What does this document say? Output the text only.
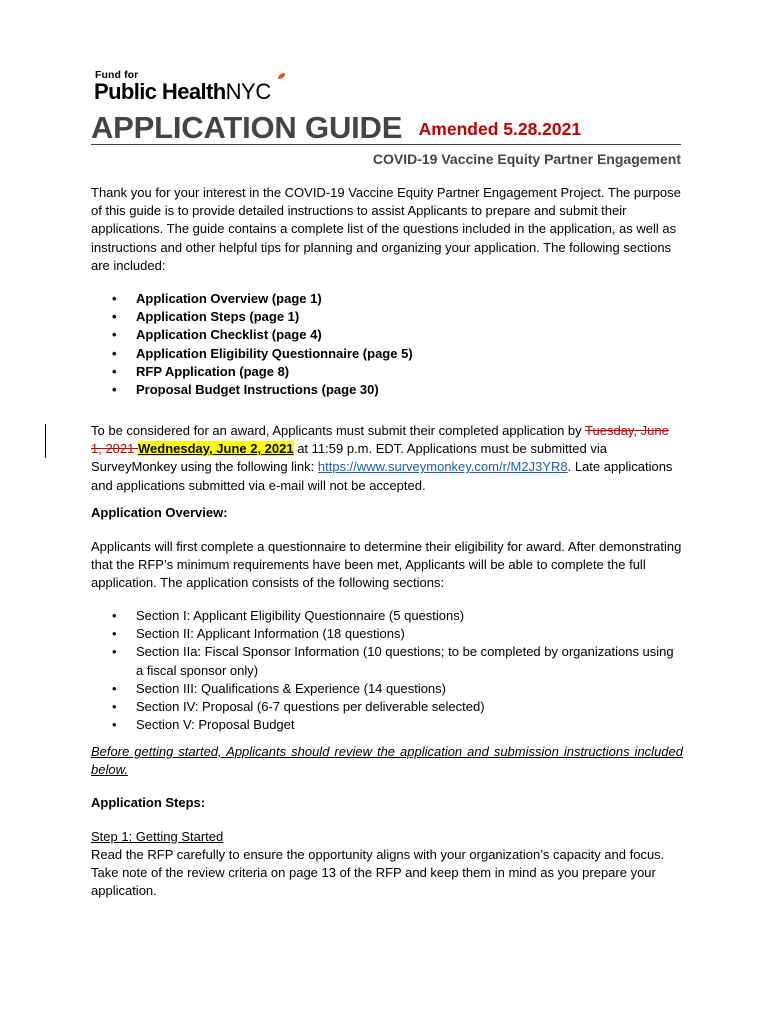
Fund for
Public HealthNYC
APPLICATION GUIDE Amended 5.28.2021
COVID-19 Vaccine Equity Partner Engagement
Thank you for your interest in the COVID-19 Vaccine Equity Partner Engagement Project. The purpose of this guide is to provide detailed instructions to assist Applicants to prepare and submit their applications. The guide contains a complete list of the questions included in the application, as well as instructions and other helpful tips for planning and organizing your application. The following sections are included:
• Application Overview (page 1)
• Application Steps (page 1)
• Application Checklist (page 4)
• Application Eligibility Questionnaire (page 5)
• RFP Application (page 8)
• Proposal Budget Instructions (page 30)
To be considered for an award, Applicants must submit their completed application by Tuesday, June 1, 2021 Wednesday, June 2, 2021 at 11:59 p.m. EDT. Applications must be submitted via SurveyMonkey using the following link: https://www.surveymonkey.com/r/M2J3YR8. Late applications and applications submitted via e-mail will not be accepted.
Application Overview:
Applicants will first complete a questionnaire to determine their eligibility for award. After demonstrating that the RFP’s minimum requirements have been met, Applicants will be able to complete the full application. The application consists of the following sections:
• Section I: Applicant Eligibility Questionnaire (5 questions)
• Section II: Applicant Information (18 questions)
• Section IIa: Fiscal Sponsor Information (10 questions; to be completed by organizations using a fiscal sponsor only)
• Section III: Qualifications & Experience (14 questions)
• Section IV: Proposal (6-7 questions per deliverable selected)
• Section V: Proposal Budget
Before getting started, Applicants should review the application and submission instructions included below.
Application Steps:
Step 1: Getting Started
Read the RFP carefully to ensure the opportunity aligns with your organization’s capacity and focus. Take note of the review criteria on page 13 of the RFP and keep them in mind as you prepare your application.
